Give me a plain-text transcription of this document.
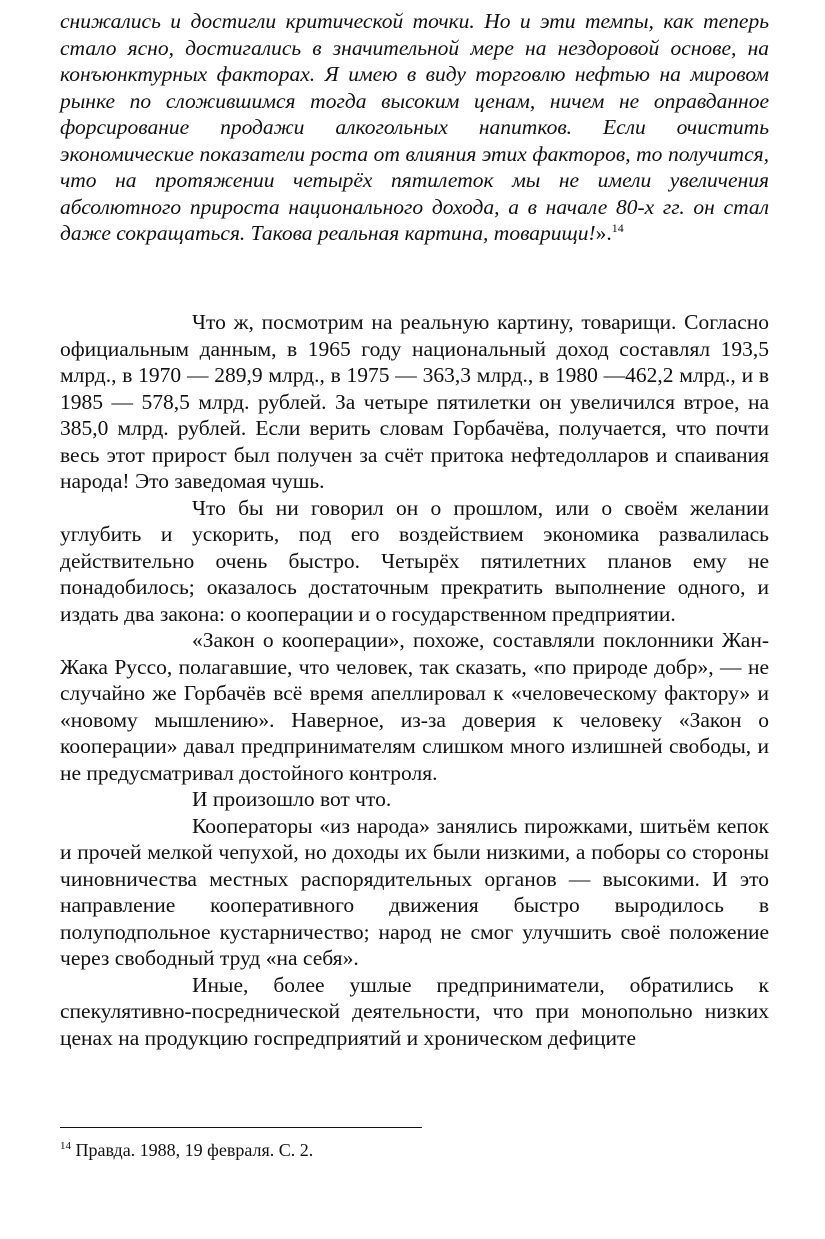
снижались и достигли критической точки. Но и эти темпы, как теперь стало ясно, достигались в значительной мере на нездоровой основе, на конъюнктурных факторах. Я имею в виду торговлю нефтью на мировом рынке по сложившимся тогда высоким ценам, ничем не оправданное форсирование продажи алкогольных напитков. Если очистить экономические показатели роста от влияния этих факторов, то получится, что на протяжении четырёх пятилеток мы не имели увеличения абсолютного прироста национального дохода, а в начале 80-х гг. он стал даже сокращаться. Такова реальная картина, товарищи!».$^{14}$

Что ж, посмотрим на реальную картину, товарищи. Согласно официальным данным, в 1965 году национальный доход составлял 193,5 млрд., в 1970 — 289,9 млрд., в 1975 — 363,3 млрд., в 1980 —462,2 млрд., и в 1985 — 578,5 млрд. рублей. За четыре пятилетки он увеличился втрое, на 385,0 млрд. рублей. Если верить словам Горбачёва, получается, что почти весь этот прирост был получен за счёт притока нефтедолларов и спаивания народа! Это заведомая чушь.

Что бы ни говорил он о прошлом, или о своём желании углубить и ускорить, под его воздействием экономика развалилась действительно очень быстро. Четырёх пятилетних планов ему не понадобилось; оказалось достаточным прекратить выполнение одного, и издать два закона: о кооперации и о государственном предприятии.

«Закон о кооперации», похоже, составляли поклонники Жан-Жака Руссо, полагавшие, что человек, так сказать, «по природе добр», — не случайно же Горбачёв всё время апеллировал к «человеческому фактору» и «новому мышлению». Наверное, из-за доверия к человеку «Закон о кооперации» давал предпринимателям слишком много излишней свободы, и не предусматривал достойного контроля.

И произошло вот что.

Кооператоры «из народа» занялись пирожками, шитьём кепок и прочей мелкой чепухой, но доходы их были низкими, а поборы со стороны чиновничества местных распорядительных органов — высокими. И это направление кооперативного движения быстро выродилось в полуподпольное кустарничество; народ не смог улучшить своё положение через свободный труд «на себя».

Иные, более ушлые предприниматели, обратились к спекулятивно-посреднической деятельности, что при монопольно низких ценах на продукцию госпредприятий и хроническом дефиците

$^{14}$ Правда. 1988, 19 февраля. С. 2.
